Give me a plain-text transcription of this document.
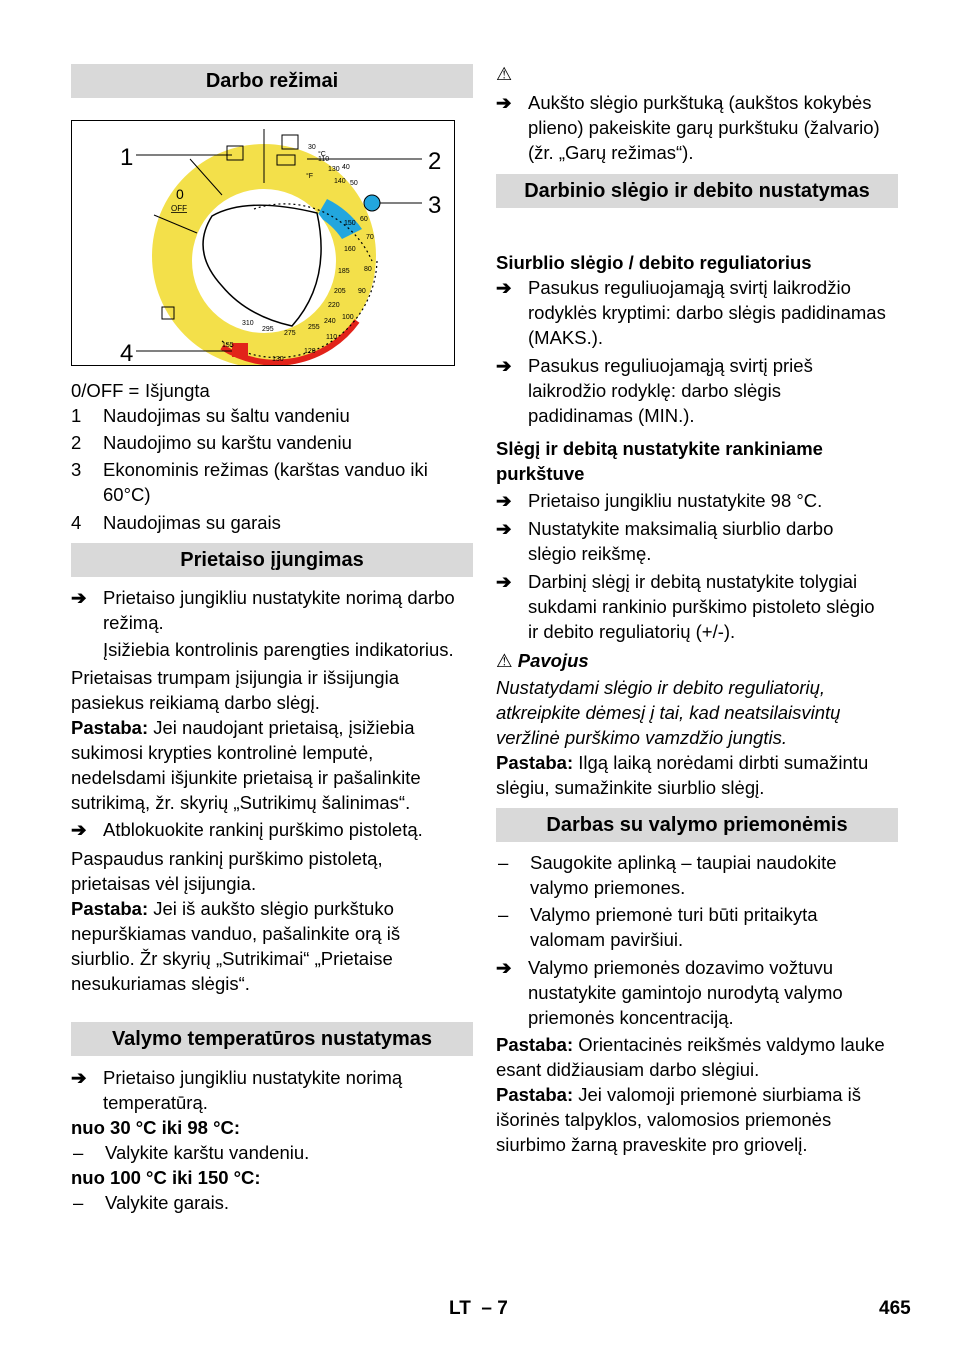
Darbo režimai
0
OFF
1	2
3
4
30
°C
°F
110
130 40
50
140
60
150
70
160
185 80
205 90
220
100
240
110
255
120
275
130
295
310
155
0/OFF = Išjungta
1	Naudojimas su šaltu vandeniu
2	Naudojimo su karštu vandeniu
3	Ekonominis režimas (karštas vanduo iki 60°C)
4	Naudojimas su garais
Prietaiso įjungimas
➔ Prietaiso jungikliu nustatykite norimą darbo režimą.
Įsižiebia kontrolinis parengties indikatorius.
Prietaisas trumpam įsijungia ir išsijungia pasiekus reikiamą darbo slėgį.
Pastaba: Jei naudojant prietaisą, įsižiebia sukimosi krypties kontrolinė lemputė, nedelsdami išjunkite prietaisą ir pašalinkite sutrikimą, žr. skyrių „Sutrikimų šalinimas“.
➔ Atblokuokite rankinį purškimo pistoletą.
Paspaudus rankinį purškimo pistoletą, prietaisas vėl įsijungia.
Pastaba: Jei iš aukšto slėgio purkštuko nepurškiamas vanduo, pašalinkite orą iš siurblio. Žr skyrių „Sutrikimai“ „Prietaise nesukuriamas slėgis“.
Valymo temperatūros nustatymas
➔ Prietaiso jungikliu nustatykite norimą temperatūrą.
nuo 30 °C iki 98 °C:
–	Valykite karštu vandeniu.
nuo 100 °C iki 150 °C:
–	Valykite garais.
⚠
➔ Aukšto slėgio purkštuką (aukštos kokybės plieno) pakeiskite garų purkštuku (žalvario) (žr. „Garų režimas“).
Darbinio slėgio ir debito nustatymas
Siurblio slėgio / debito reguliatorius
➔ Pasukus reguliuojamąją svirtį laikrodžio rodyklės kryptimi: darbo slėgis padidinamas (MAKS.).
➔ Pasukus reguliuojamąją svirtį prieš laikrodžio rodyklę: darbo slėgis padidinamas (MIN.).
Slėgį ir debitą nustatykite rankiniame purkštuve
➔ Prietaiso jungikliu nustatykite 98 °C.
➔ Nustatykite maksimalią siurblio darbo slėgio reikšmę.
➔ Darbinį slėgį ir debitą nustatykite tolygiai sukdami rankinio purškimo pistoleto slėgio ir debito reguliatorių (+/-).
⚠ Pavojus
Nustatydami slėgio ir debito reguliatorių, atkreipkite dėmesį į tai, kad neatsilaisvintų veržlinė purškimo vamzdžio jungtis.
Pastaba: Ilgą laiką norėdami dirbti sumažintu slėgiu, sumažinkite siurblio slėgį.
Darbas su valymo priemonėmis
–	Saugokite aplinką – taupiai naudokite valymo priemones.
–	Valymo priemonė turi būti pritaikyta valomam paviršiui.
➔ Valymo priemonės dozavimo vožtuvu nustatykite gamintojo nurodytą valymo priemonės koncentraciją.
Pastaba: Orientacinės reikšmės valdymo lauke esant didžiausiam darbo slėgiui.
Pastaba: Jei valomoji priemonė siurbiama iš išorinės talpyklos, valomosios priemonės siurbimo žarną praveskite pro griovelį.
LT – 7	465
